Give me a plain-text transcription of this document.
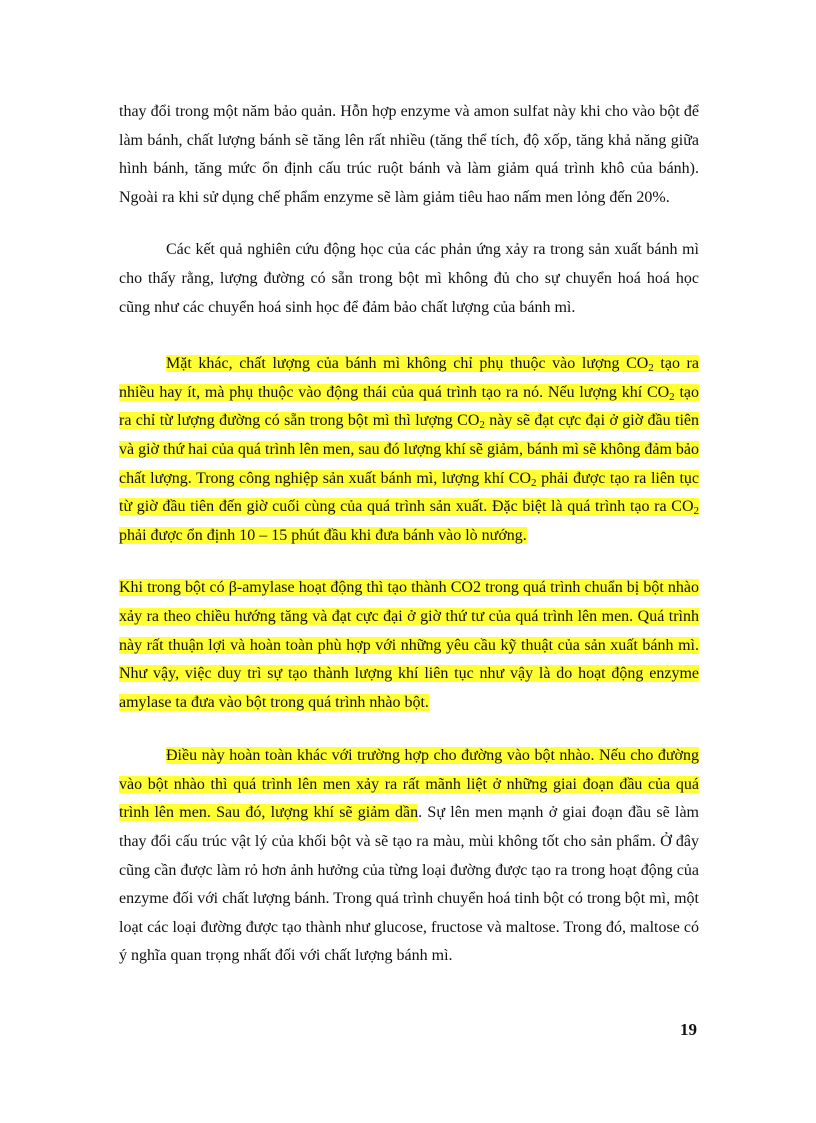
thay đổi trong một năm bảo quản. Hỗn hợp enzyme và amon sulfat này khi cho vào bột để làm bánh, chất lượng bánh sẽ tăng lên rất nhiều (tăng thể tích, độ xốp, tăng khả năng giữa hình bánh, tăng mức ổn định cấu trúc ruột bánh và làm giảm quá trình khô của bánh). Ngoài ra khi sử dụng chế phẩm enzyme sẽ làm giảm tiêu hao nấm men lỏng đến 20%.

Các kết quả nghiên cứu động học của các phản ứng xảy ra trong sản xuất bánh mì cho thấy rằng, lượng đường có sẵn trong bột mì không đủ cho sự chuyển hoá hoá học cũng như các chuyển hoá sinh học để đảm bảo chất lượng của bánh mì.

Mặt khác, chất lượng của bánh mì không chỉ phụ thuộc vào lượng $CO_2$ tạo ra nhiều hay ít, mà phụ thuộc vào động thái của quá trình tạo ra nó. Nếu lượng khí $CO_2$ tạo ra chỉ từ lượng đường có sẵn trong bột mì thì lượng $CO_2$ này sẽ đạt cực đại ở giờ đầu tiên và giờ thứ hai của quá trình lên men, sau đó lượng khí sẽ giảm, bánh mì sẽ không đảm bảo chất lượng. Trong công nghiệp sản xuất bánh mì, lượng khí $CO_2$ phải được tạo ra liên tục từ giờ đầu tiên đến giờ cuối cùng của quá trình sản xuất. Đặc biệt là quá trình tạo ra $CO_2$ phải được ổn định 10 – 15 phút đầu khi đưa bánh vào lò nướng.

Khi trong bột có β-amylase hoạt động thì tạo thành CO2 trong quá trình chuẩn bị bột nhào xảy ra theo chiều hướng tăng và đạt cực đại ở giờ thứ tư của quá trình lên men. Quá trình này rất thuận lợi và hoàn toàn phù hợp với những yêu cầu kỹ thuật của sản xuất bánh mì. Như vậy, việc duy trì sự tạo thành lượng khí liên tục như vậy là do hoạt động enzyme amylase ta đưa vào bột trong quá trình nhào bột.

Điều này hoàn toàn khác với trường hợp cho đường vào bột nhào. Nếu cho đường vào bột nhào thì quá trình lên men xảy ra rất mãnh liệt ở những giai đoạn đầu của quá trình lên men. Sau đó, lượng khí sẽ giảm dần. Sự lên men mạnh ở giai đoạn đầu sẽ làm thay đổi cấu trúc vật lý của khối bột và sẽ tạo ra màu, mùi không tốt cho sản phẩm. Ở đây cũng cần được làm rỏ hơn ảnh hưởng của từng loại đường được tạo ra trong hoạt động của enzyme đối với chất lượng bánh. Trong quá trình chuyển hoá tinh bột có trong bột mì, một loạt các loại đường được tạo thành như glucose, fructose và maltose. Trong đó, maltose có ý nghĩa quan trọng nhất đối với chất lượng bánh mì.

19
